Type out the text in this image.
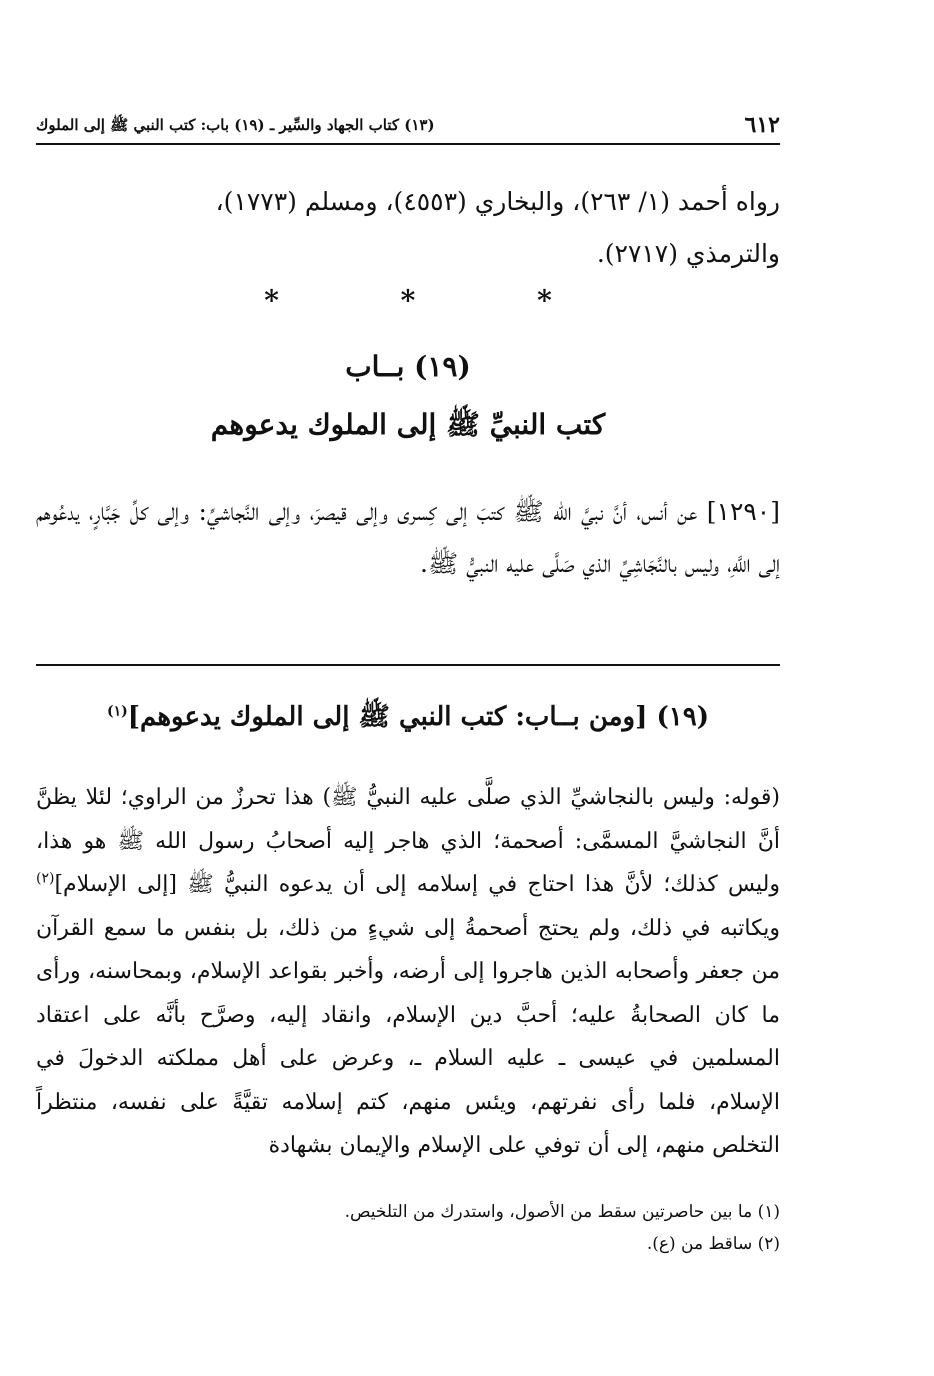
٦١٢
(١٣) كتاب الجهاد والسِّير ـ (١٩) باب: كتب النبي ﷺ إلى الملوك

رواه أحمد (١/ ٢٦٣)، والبخاري (٤٥٥٣)، ومسلم (١٧٧٣)،

والترمذي (٢٧١٧).

* * *
(١٩) بــاب
كتب النبيِّ ﷺ إلى الملوك يدعوهم
[١٢٩٠] عن أنس، أنَّ نبيَّ الله ﷺ كتبَ إلى كِسرى وإلى قيصرَ، وإلى النَّجاشيِّ: وإلى كلِّ جَبَّارٍ، يدعُوهم إلى اللَّهِ، وليس بالنَّجَاشِيِّ الذي صَلَّى عليه النبيُّ ﷺ.
(١٩) [ومن بــاب: كتب النبي ﷺ إلى الملوك يدعوهم]$^{(١)}$
(قوله: وليس بالنجاشيِّ الذي صلَّى عليه النبيُّ ﷺ) هذا تحرزٌ من الراوي؛ لئلا يظنَّ أنَّ النجاشيَّ المسمَّى: أصحمة؛ الذي هاجر إليه أصحابُ رسول الله ﷺ هو هذا، وليس كذلك؛ لأنَّ هذا احتاج في إسلامه إلى أن يدعوه النبيُّ ﷺ [إلى الإسلام]$^{(٢)}$ ويكاتبه في ذلك، ولم يحتج أصحمةُ إلى شيءٍ من ذلك، بل بنفس ما سمع القرآن من جعفر وأصحابه الذين هاجروا إلى أرضه، وأخبر بقواعد الإسلام، وبمحاسنه، ورأى ما كان الصحابةُ عليه؛ أحبَّ دين الإسلام، وانقاد إليه، وصرَّح بأنَّه على اعتقاد المسلمين في عيسى ـ عليه السلام ـ، وعرض على أهل مملكته الدخولَ في الإسلام، فلما رأى نفرتهم، ويئس منهم، كتم إسلامه تقيَّةً على نفسه، منتظراً التخلص منهم، إلى أن توفي على الإسلام والإيمان بشهادة
(١) ما بين حاصرتين سقط من الأصول، واستدرك من التلخيص.
(٢) ساقط من (ع).
